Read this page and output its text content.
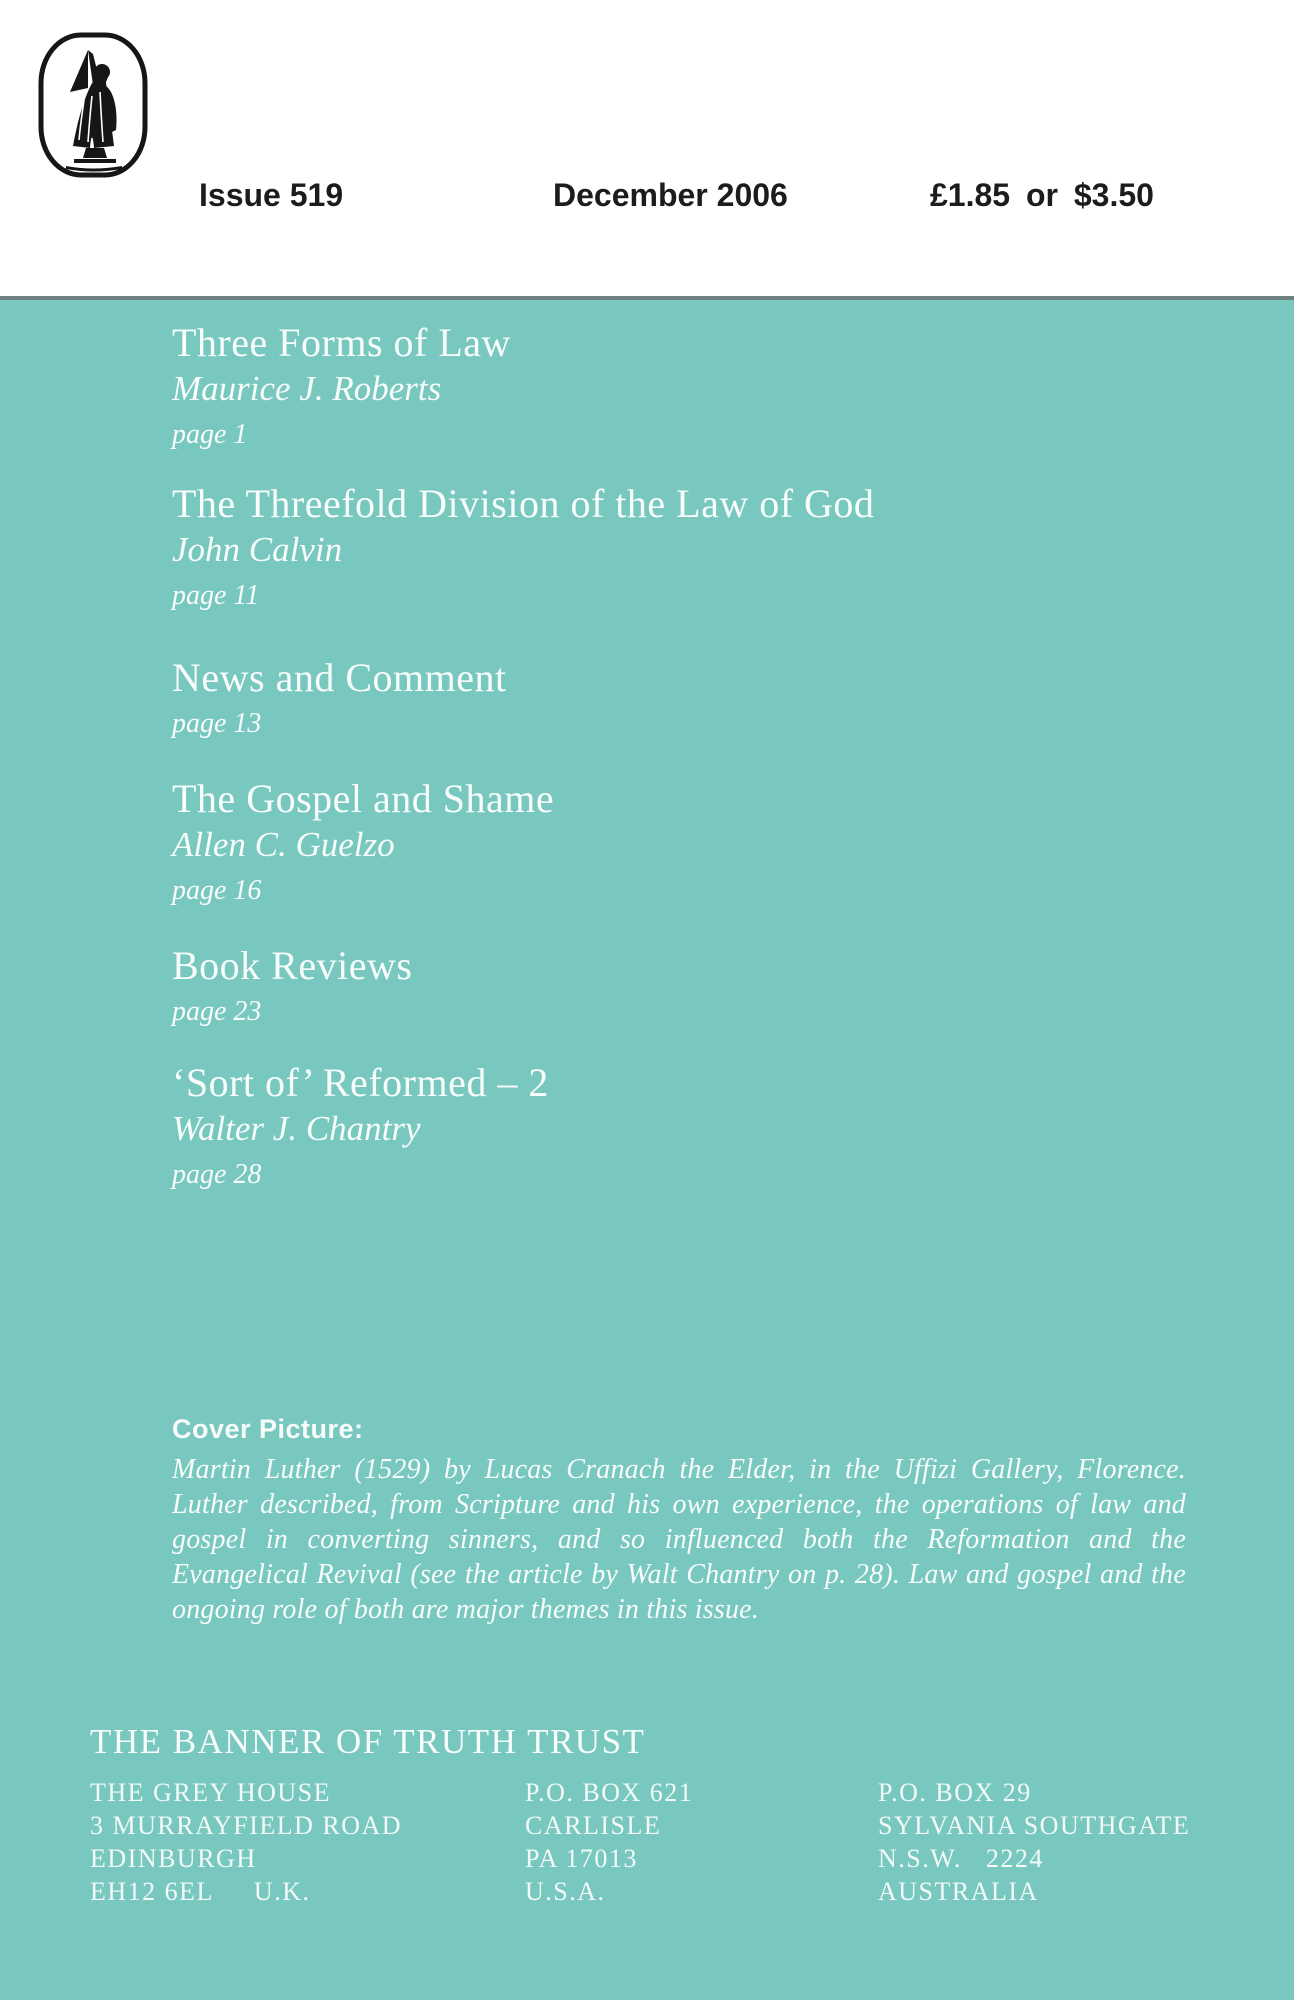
Issue 519	December 2006	£1.85 or $3.50
Three Forms of Law
Maurice J. Roberts
page 1
The Threefold Division of the Law of God
John Calvin
page 11
News and Comment
page 13
The Gospel and Shame
Allen C. Guelzo
page 16
Book Reviews
page 23
‘Sort of’ Reformed – 2
Walter J. Chantry
page 28
Cover Picture:
Martin Luther (1529) by Lucas Cranach the Elder, in the Uffizi Gallery, Florence. Luther described, from Scripture and his own experience, the operations of law and gospel in converting sinners, and so influenced both the Reformation and the Evangelical Revival (see the article by Walt Chantry on p. 28). Law and gospel and the ongoing role of both are major themes in this issue.
THE BANNER OF TRUTH TRUST
THE GREY HOUSE
3 MURRAYFIELD ROAD
EDINBURGH
EH12 6EL     U.K.
P.O. BOX 621
CARLISLE
PA 17013
U.S.A.
P.O. BOX 29
SYLVANIA SOUTHGATE
N.S.W.   2224
AUSTRALIA
